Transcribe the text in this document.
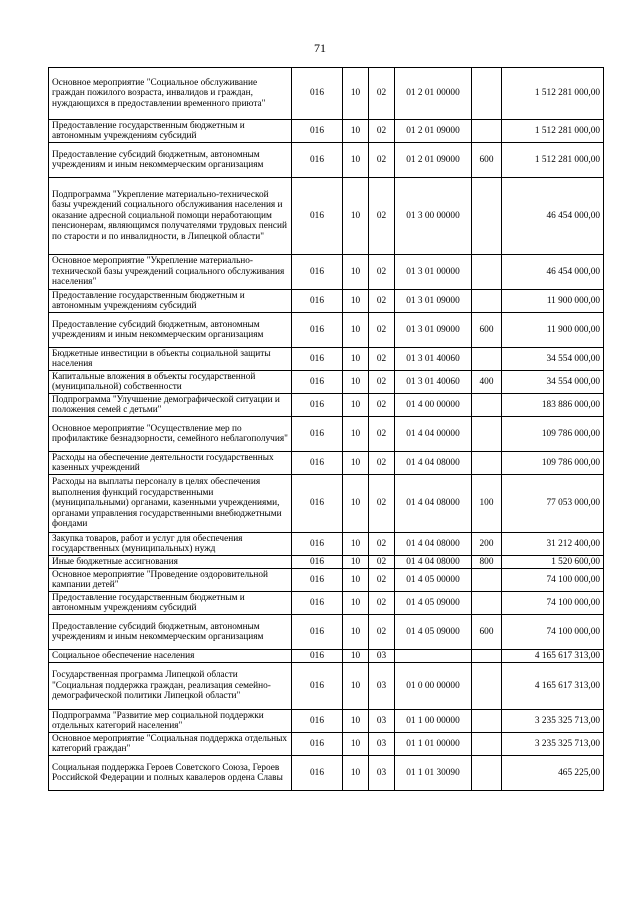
71
Основное мероприятие "Социальное обслуживание граждан пожилого возраста, инвалидов и граждан, нуждающихся в предоставлении временного приюта"	016	10	02	01 2 01 00000		1 512 281 000,00
Предоставление государственным бюджетным и автономным учреждениям субсидий	016	10	02	01 2 01 09000		1 512 281 000,00
Предоставление субсидий бюджетным, автономным учреждениям и иным некоммерческим организациям	016	10	02	01 2 01 09000	600	1 512 281 000,00
Подпрограмма "Укрепление материально-технической базы учреждений социального обслуживания населения и оказание адресной социальной помощи неработающим пенсионерам, являющимся получателями трудовых пенсий по старости и по инвалидности, в Липецкой области"	016	10	02	01 3 00 00000		46 454 000,00
Основное мероприятие "Укрепление материально-технической базы учреждений социального обслуживания населения"	016	10	02	01 3 01 00000		46 454 000,00
Предоставление государственным бюджетным и автономным учреждениям субсидий	016	10	02	01 3 01 09000		11 900 000,00
Предоставление субсидий бюджетным, автономным учреждениям и иным некоммерческим организациям	016	10	02	01 3 01 09000	600	11 900 000,00
Бюджетные инвестиции в объекты социальной защиты населения	016	10	02	01 3 01 40060		34 554 000,00
Капитальные вложения в объекты государственной (муниципальной) собственности	016	10	02	01 3 01 40060	400	34 554 000,00
Подпрограмма "Улучшение демографической ситуации и положения семей с детьми"	016	10	02	01 4 00 00000		183 886 000,00
Основное мероприятие "Осуществление мер по профилактике безнадзорности, семейного неблагополучия"	016	10	02	01 4 04 00000		109 786 000,00
Расходы на обеспечение деятельности государственных казенных учреждений	016	10	02	01 4 04 08000		109 786 000,00
Расходы на выплаты персоналу в целях обеспечения выполнения функций государственными (муниципальными) органами, казенными учреждениями, органами управления государственными внебюджетными фондами	016	10	02	01 4 04 08000	100	77 053 000,00
Закупка товаров, работ и услуг для обеспечения государственных (муниципальных) нужд	016	10	02	01 4 04 08000	200	31 212 400,00
Иные бюджетные ассигнования	016	10	02	01 4 04 08000	800	1 520 600,00
Основное мероприятие "Проведение оздоровительной кампании детей"	016	10	02	01 4 05 00000		74 100 000,00
Предоставление государственным бюджетным и автономным учреждениям субсидий	016	10	02	01 4 05 09000		74 100 000,00
Предоставление субсидий бюджетным, автономным учреждениям и иным некоммерческим организациям	016	10	02	01 4 05 09000	600	74 100 000,00
Социальное обеспечение населения	016	10	03			4 165 617 313,00
Государственная программа Липецкой области "Социальная поддержка граждан, реализация семейно-демографической политики Липецкой области"	016	10	03	01 0 00 00000		4 165 617 313,00
Подпрограмма "Развитие мер социальной поддержки отдельных категорий населения"	016	10	03	01 1 00 00000		3 235 325 713,00
Основное мероприятие "Социальная поддержка отдельных категорий граждан"	016	10	03	01 1 01 00000		3 235 325 713,00
Социальная поддержка Героев Советского Союза, Героев Российской Федерации и полных кавалеров ордена Славы	016	10	03	01 1 01 30090		465 225,00
